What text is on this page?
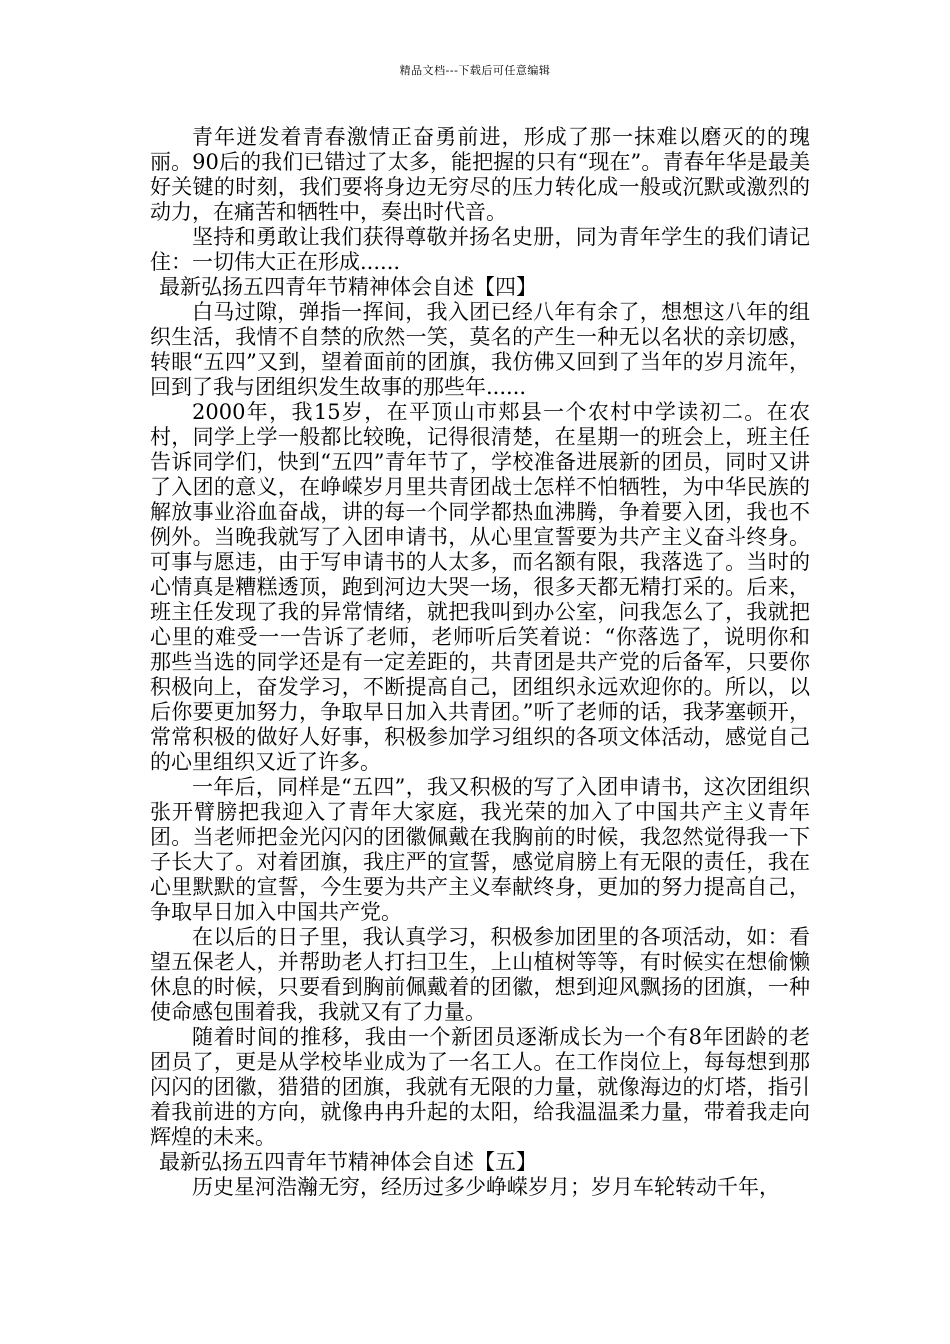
精品文档---下载后可任意编辑

青年迸发着青春激情正奋勇前进，形成了那一抹难以磨灭的的瑰丽。90后的我们已错过了太多，能把握的只有“现在”。青春年华是最美好关键的时刻，我们要将身边无穷尽的压力转化成一般或沉默或激烈的动力，在痛苦和牺牲中，奏出时代音。

坚持和勇敢让我们获得尊敬并扬名史册，同为青年学生的我们请记住：一切伟大正在形成......

最新弘扬五四青年节精神体会自述【四】

白马过隙，弹指一挥间，我入团已经八年有余了，想想这八年的组织生活，我情不自禁的欣然一笑，莫名的产生一种无以名状的亲切感，转眼“五四”又到，望着面前的团旗，我仿佛又回到了当年的岁月流年，回到了我与团组织发生故事的那些年......

2000年，我15岁，在平顶山市郏县一个农村中学读初二。在农村，同学上学一般都比较晚，记得很清楚，在星期一的班会上，班主任告诉同学们，快到“五四”青年节了，学校准备进展新的团员，同时又讲了入团的意义，在峥嵘岁月里共青团战士怎样不怕牺牲，为中华民族的解放事业浴血奋战，讲的每一个同学都热血沸腾，争着要入团，我也不例外。当晚我就写了入团申请书，从心里宣誓要为共产主义奋斗终身。可事与愿违，由于写申请书的人太多，而名额有限，我落选了。当时的心情真是糟糕透顶，跑到河边大哭一场，很多天都无精打采的。后来，班主任发现了我的异常情绪，就把我叫到办公室，问我怎么了，我就把心里的难受一一告诉了老师，老师听后笑着说：“你落选了，说明你和那些当选的同学还是有一定差距的，共青团是共产党的后备军，只要你积极向上，奋发学习，不断提高自己，团组织永远欢迎你的。所以，以后你要更加努力，争取早日加入共青团。”听了老师的话，我茅塞顿开，常常积极的做好人好事，积极参加学习组织的各项文体活动，感觉自己的心里组织又近了许多。

一年后，同样是“五四”，我又积极的写了入团申请书，这次团组织张开臂膀把我迎入了青年大家庭，我光荣的加入了中国共产主义青年团。当老师把金光闪闪的团徽佩戴在我胸前的时候，我忽然觉得我一下子长大了。对着团旗，我庄严的宣誓，感觉肩膀上有无限的责任，我在心里默默的宣誓，今生要为共产主义奉献终身，更加的努力提高自己，争取早日加入中国共产党。

在以后的日子里，我认真学习，积极参加团里的各项活动，如：看望五保老人，并帮助老人打扫卫生，上山植树等等，有时候实在想偷懒休息的时候，只要看到胸前佩戴着的团徽，想到迎风飘扬的团旗，一种使命感包围着我，我就又有了力量。

随着时间的推移，我由一个新团员逐渐成长为一个有8年团龄的老团员了，更是从学校毕业成为了一名工人。在工作岗位上，每每想到那闪闪的团徽，猎猎的团旗，我就有无限的力量，就像海边的灯塔，指引着我前进的方向，就像冉冉升起的太阳，给我温温柔力量，带着我走向辉煌的未来。

最新弘扬五四青年节精神体会自述【五】

历史星河浩瀚无穷，经历过多少峥嵘岁月；岁月车轮转动千年，
